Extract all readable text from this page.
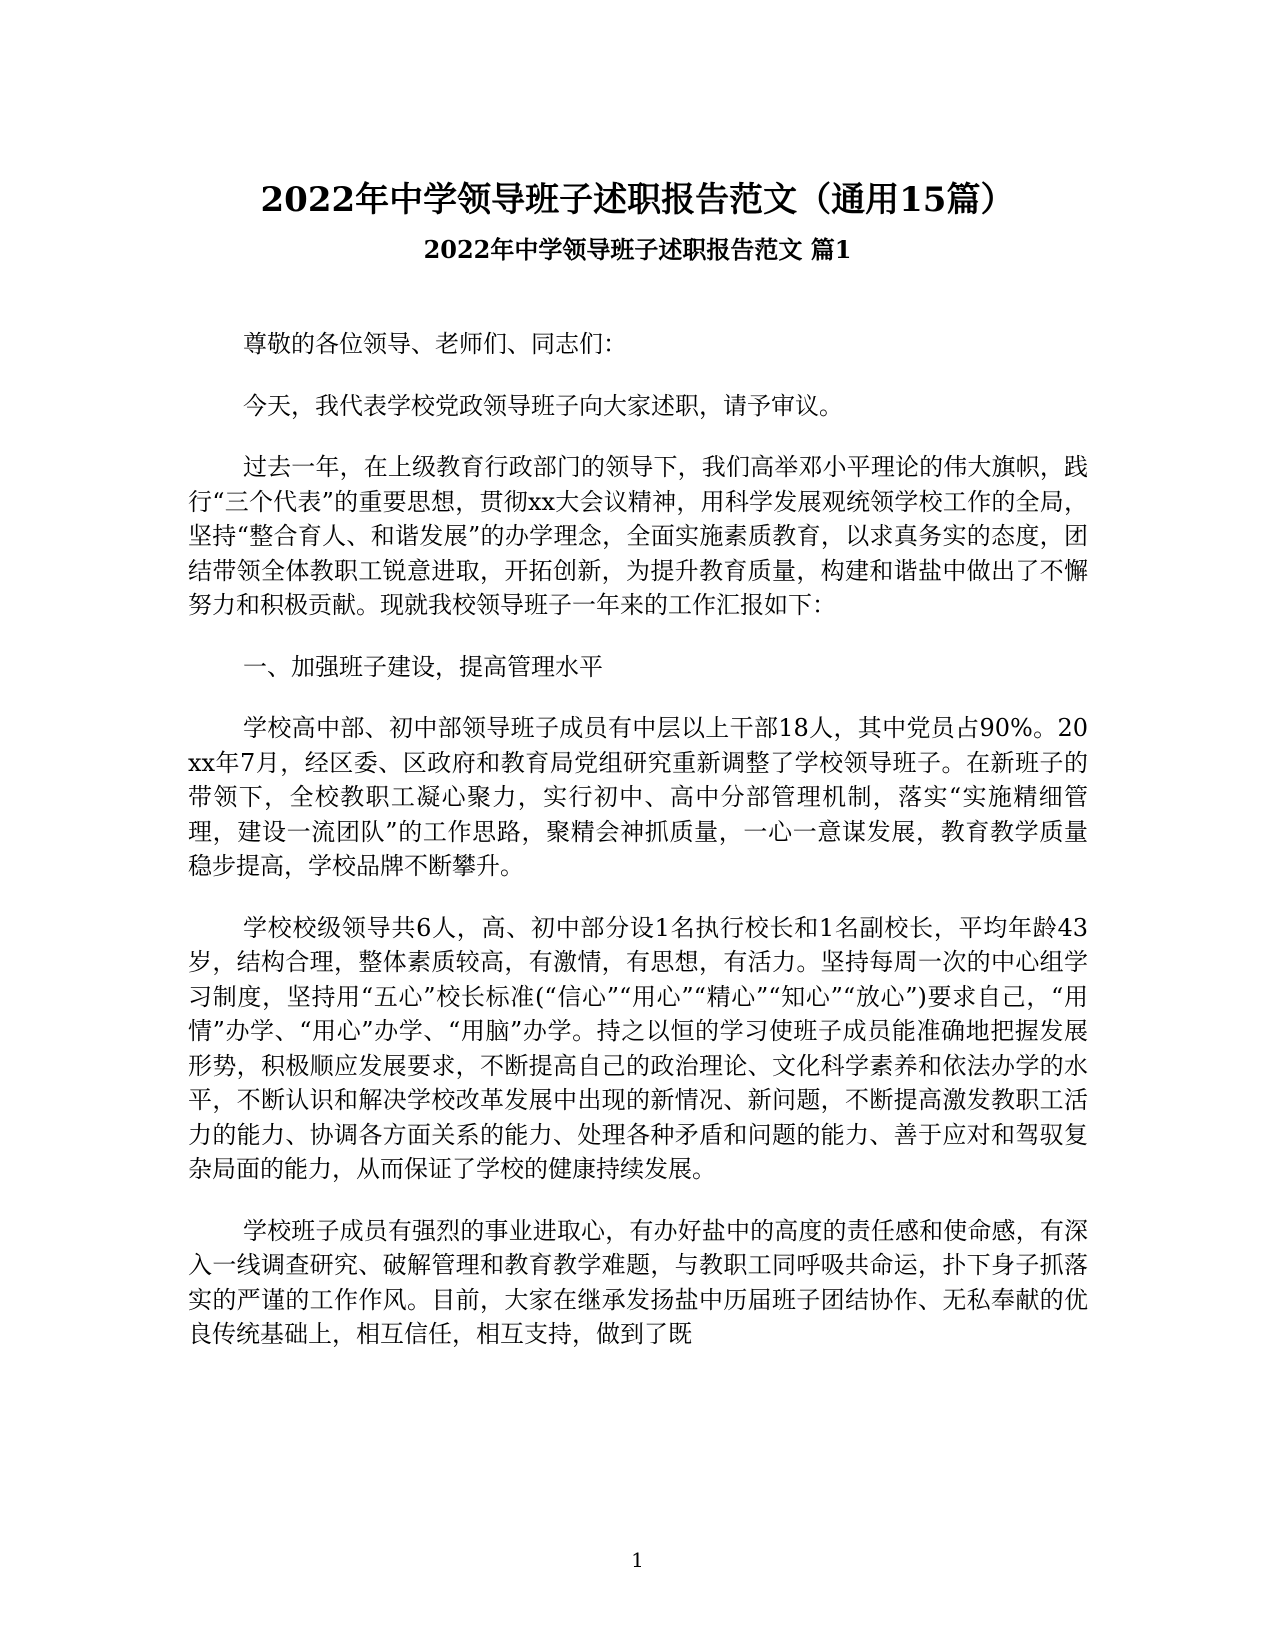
2022年中学领导班子述职报告范文（通用15篇）
2022年中学领导班子述职报告范文 篇1

尊敬的各位领导、老师们、同志们：

今天，我代表学校党政领导班子向大家述职，请予审议。

过去一年，在上级教育行政部门的领导下，我们高举邓小平理论的伟大旗帜，践行“三个代表”的重要思想，贯彻xx大会议精神，用科学发展观统领学校工作的全局，坚持“整合育人、和谐发展”的办学理念，全面实施素质教育，以求真务实的态度，团结带领全体教职工锐意进取，开拓创新，为提升教育质量，构建和谐盐中做出了不懈努力和积极贡献。现就我校领导班子一年来的工作汇报如下：

一、加强班子建设，提高管理水平

学校高中部、初中部领导班子成员有中层以上干部18人，其中党员占90%。20xx年7月，经区委、区政府和教育局党组研究重新调整了学校领导班子。在新班子的带领下，全校教职工凝心聚力，实行初中、高中分部管理机制，落实“实施精细管理，建设一流团队”的工作思路，聚精会神抓质量，一心一意谋发展，教育教学质量稳步提高，学校品牌不断攀升。

学校校级领导共6人，高、初中部分设1名执行校长和1名副校长，平均年龄43岁，结构合理，整体素质较高，有激情，有思想，有活力。坚持每周一次的中心组学习制度，坚持用“五心”校长标准(“信心”“用心”“精心”“知心”“放心”)要求自己，“用情”办学、“用心”办学、“用脑”办学。持之以恒的学习使班子成员能准确地把握发展形势，积极顺应发展要求，不断提高自己的政治理论、文化科学素养和依法办学的水平，不断认识和解决学校改革发展中出现的新情况、新问题，不断提高激发教职工活力的能力、协调各方面关系的能力、处理各种矛盾和问题的能力、善于应对和驾驭复杂局面的能力，从而保证了学校的健康持续发展。

学校班子成员有强烈的事业进取心，有办好盐中的高度的责任感和使命感，有深入一线调查研究、破解管理和教育教学难题，与教职工同呼吸共命运，扑下身子抓落实的严谨的工作作风。目前，大家在继承发扬盐中历届班子团结协作、无私奉献的优良传统基础上，相互信任，相互支持，做到了既

1
